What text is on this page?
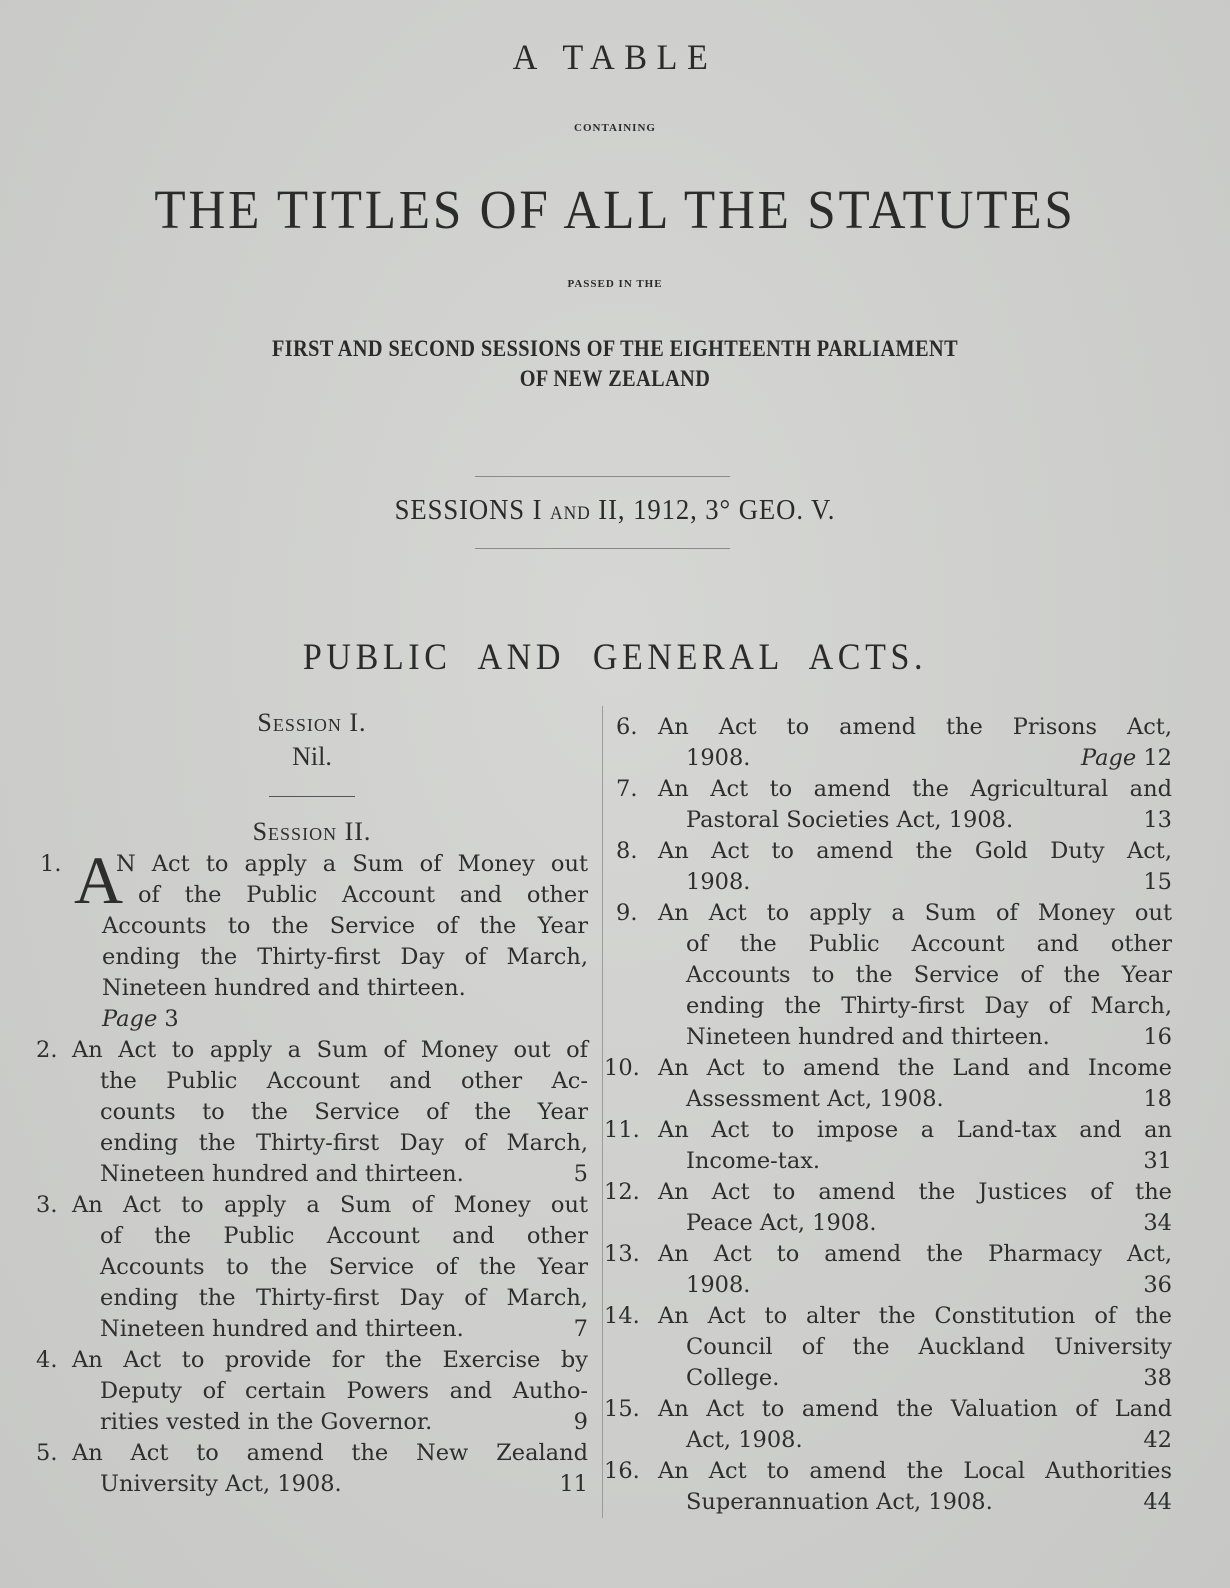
A TABLE
CONTAINING
THE TITLES OF ALL THE STATUTES
PASSED IN THE
FIRST AND SECOND SESSIONS OF THE EIGHTEENTH PARLIAMENT
OF NEW ZEALAND
SESSIONS I AND II, 1912, 3° GEO. V.
PUBLIC AND GENERAL ACTS.
Session I.
Nil.
Session II.
1. A
N Act to apply a Sum of Money out
of the Public Account and other
Accounts to the Service of the Year
ending the Thirty-first Day of March,
Nineteen hundred and thirteen.
Page 3
2. An Act to apply a Sum of Money out of
the Public Account and other Ac-
counts to the Service of the Year
ending the Thirty-first Day of March,
Nineteen hundred and thirteen.	5
3. An Act to apply a Sum of Money out
of the Public Account and other
Accounts to the Service of the Year
ending the Thirty-first Day of March,
Nineteen hundred and thirteen.	7
4. An Act to provide for the Exercise by
Deputy of certain Powers and Autho-
rities vested in the Governor.	9
5. An Act to amend the New Zealand
University Act, 1908.	11
6. An Act to amend the Prisons Act,
1908.	Page 12
7. An Act to amend the Agricultural and
Pastoral Societies Act, 1908.	13
8. An Act to amend the Gold Duty Act,
1908.	15
9. An Act to apply a Sum of Money out
of the Public Account and other
Accounts to the Service of the Year
ending the Thirty-first Day of March,
Nineteen hundred and thirteen.	16
10. An Act to amend the Land and Income
Assessment Act, 1908.	18
11. An Act to impose a Land-tax and an
Income-tax.	31
12. An Act to amend the Justices of the
Peace Act, 1908.	34
13. An Act to amend the Pharmacy Act,
1908.	36
14. An Act to alter the Constitution of the
Council of the Auckland University
College.	38
15. An Act to amend the Valuation of Land
Act, 1908.	42
16. An Act to amend the Local Authorities
Superannuation Act, 1908.	44
